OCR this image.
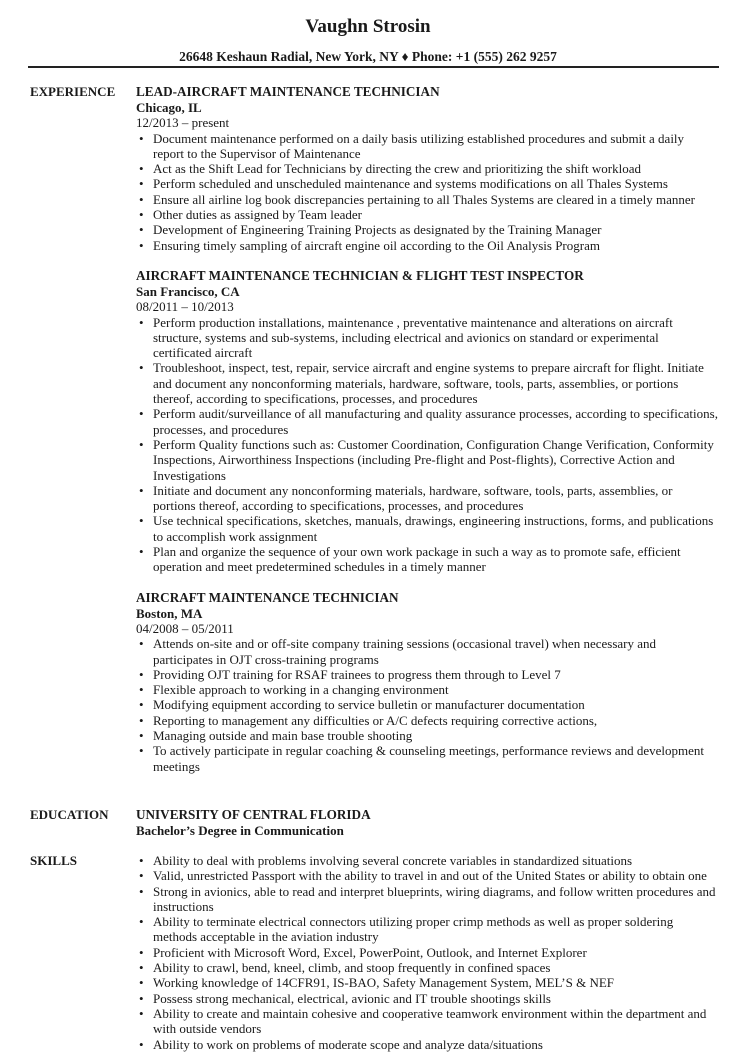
Vaughn Strosin
26648 Keshaun Radial, New York, NY ♦ Phone: +1 (555) 262 9257
EXPERIENCE	LEAD-AIRCRAFT MAINTENANCE TECHNICIAN
Chicago, IL
12/2013 – present
• Document maintenance performed on a daily basis utilizing established procedures and submit a daily report to the Supervisor of Maintenance
• Act as the Shift Lead for Technicians by directing the crew and prioritizing the shift workload
• Perform scheduled and unscheduled maintenance and systems modifications on all Thales Systems
• Ensure all airline log book discrepancies pertaining to all Thales Systems are cleared in a timely manner
• Other duties as assigned by Team leader
• Development of Engineering Training Projects as designated by the Training Manager
• Ensuring timely sampling of aircraft engine oil according to the Oil Analysis Program
AIRCRAFT MAINTENANCE TECHNICIAN & FLIGHT TEST INSPECTOR
San Francisco, CA
08/2011 – 10/2013
• Perform production installations, maintenance , preventative maintenance and alterations on aircraft structure, systems and sub-systems, including electrical and avionics on standard or experimental certificated aircraft
• Troubleshoot, inspect, test, repair, service aircraft and engine systems to prepare aircraft for flight. Initiate and document any nonconforming materials, hardware, software, tools, parts, assemblies, or portions thereof, according to specifications, processes, and procedures
• Perform audit/surveillance of all manufacturing and quality assurance processes, according to specifications, processes, and procedures
• Perform Quality functions such as: Customer Coordination, Configuration Change Verification, Conformity Inspections, Airworthiness Inspections (including Pre-flight and Post-flights), Corrective Action and Investigations
• Initiate and document any nonconforming materials, hardware, software, tools, parts, assemblies, or portions thereof, according to specifications, processes, and procedures
• Use technical specifications, sketches, manuals, drawings, engineering instructions, forms, and publications to accomplish work assignment
• Plan and organize the sequence of your own work package in such a way as to promote safe, efficient operation and meet predetermined schedules in a timely manner
AIRCRAFT MAINTENANCE TECHNICIAN
Boston, MA
04/2008 – 05/2011
• Attends on-site and or off-site company training sessions (occasional travel) when necessary and participates in OJT cross-training programs
• Providing OJT training for RSAF trainees to progress them through to Level 7
• Flexible approach to working in a changing environment
• Modifying equipment according to service bulletin or manufacturer documentation
• Reporting to management any difficulties or A/C defects requiring corrective actions,
• Managing outside and main base trouble shooting
• To actively participate in regular coaching & counseling meetings, performance reviews and development meetings
EDUCATION	UNIVERSITY OF CENTRAL FLORIDA
Bachelor’s Degree in Communication
SKILLS
•	Ability to deal with problems involving several concrete variables in standardized situations
• Valid, unrestricted Passport with the ability to travel in and out of the United States or ability to obtain one
• Strong in avionics, able to read and interpret blueprints, wiring diagrams, and follow written procedures and instructions
• Ability to terminate electrical connectors utilizing proper crimp methods as well as proper soldering methods acceptable in the aviation industry
• Proficient with Microsoft Word, Excel, PowerPoint, Outlook, and Internet Explorer
• Ability to crawl, bend, kneel, climb, and stoop frequently in confined spaces
• Working knowledge of 14CFR91, IS-BAO, Safety Management System, MEL’S & NEF
• Possess strong mechanical, electrical, avionic and IT trouble shootings skills
• Ability to create and maintain cohesive and cooperative teamwork environment within the department and with outside vendors
• Ability to work on problems of moderate scope and analyze data/situations
